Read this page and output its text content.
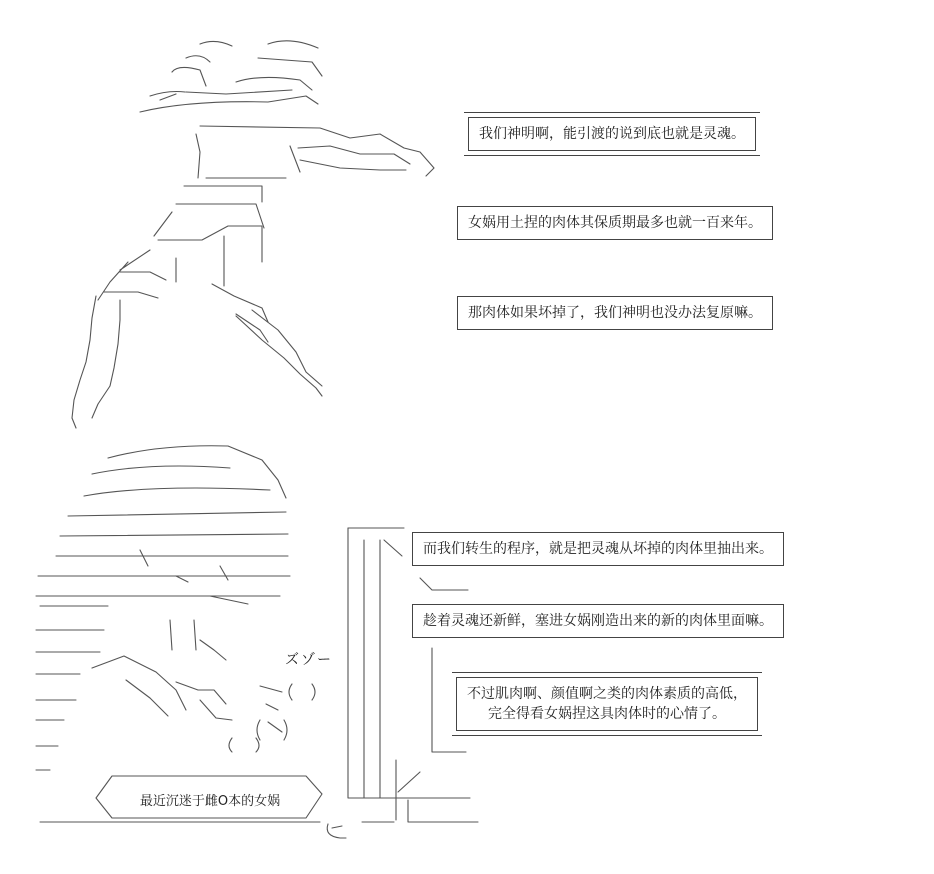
我们神明啊，能引渡的说到底也就是灵魂。
女娲用土捏的肉体其保质期最多也就一百来年。
那肉体如果坏掉了，我们神明也没办法复原嘛。
而我们转生的程序，就是把灵魂从坏掉的肉体里抽出来。
趁着灵魂还新鲜，塞进女娲刚造出来的新的肉体里面嘛。
不过肌肉啊、颜值啊之类的肉体素质的高低，
完全得看女娲捏这具肉体时的心情了。
ズゾー
最近沉迷于雌O本的女娲
